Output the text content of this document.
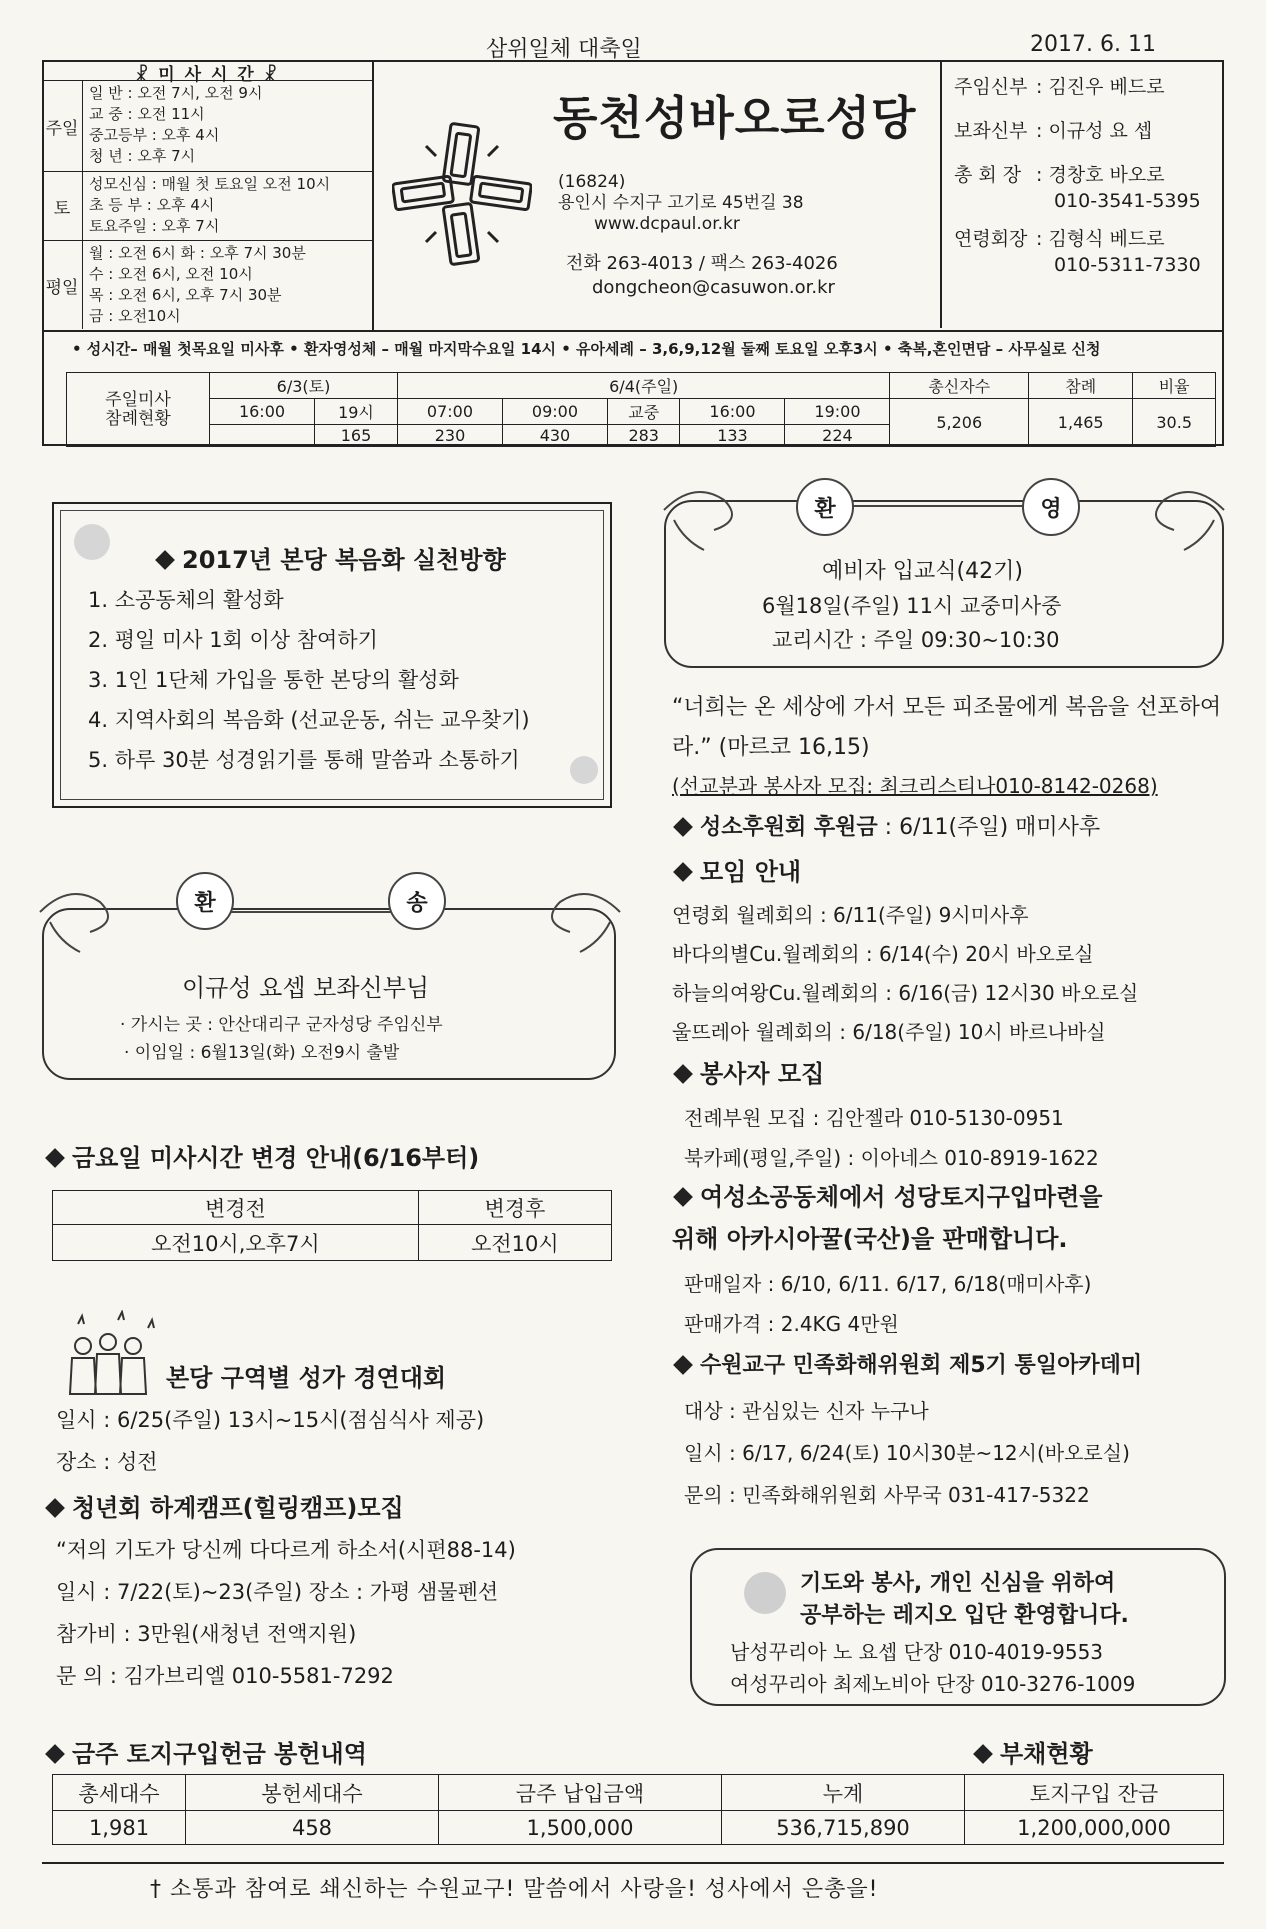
삼위일체 대축일	2017. 6. 11
☧ 미 사 시 간 ☧
주일
일 반 : 오전 7시, 오전 9시
교 중 : 오전 11시
중고등부 : 오후 4시
청 년 : 오후 7시
토
성모신심 : 매월 첫 토요일 오전 10시
초 등 부 : 오후 4시
토요주일 : 오후 7시
평일
월 : 오전 6시 화 : 오후 7시 30분
수 : 오전 6시, 오전 10시
목 : 오전 6시, 오후 7시 30분
금 : 오전10시
동천성바오로성당
(16824)
용인시 수지구 고기로 45번길 38
www.dcpaul.or.kr
전화 263-4013 / 팩스 263-4026
dongcheon@casuwon.or.kr
주임신부 : 김진우 베드로
보좌신부 : 이규성 요 셉
총 회 장 : 경창호 바오로
010-3541-5395
연령회장 : 김형식 베드로
010-5311-7330
• 성시간– 매월 첫목요일 미사후 • 환자영성체 – 매월 마지막수요일 14시 • 유아세례 – 3,6,9,12월 둘째 토요일 오후3시 • 축복,혼인면담 – 사무실로 신청
주일미사
참례현황	6/3(토)		6/4(주일)					총신자수	참례	비율
	16:00	19시	07:00	09:00	교중	16:00	19:00	5,206	1,465	30.5
		165	230	430	283	133	224			
2017년 본당 복음화 실천방향
1. 소공동체의 활성화
2. 평일 미사 1회 이상 참여하기
3. 1인 1단체 가입을 통한 본당의 활성화
4. 지역사회의 복음화 (선교운동, 쉬는 교우찾기)
5. 하루 30분 성경읽기를 통해 말씀과 소통하기
환	송
이규성 요셉 보좌신부님
· 가시는 곳 : 안산대리구 군자성당 주임신부
· 이임일 : 6월13일(화) 오전9시 출발
금요일 미사시간 변경 안내(6/16부터)
변경전	변경후
오전10시,오후7시	오전10시
본당 구역별 성가 경연대회
일시 : 6/25(주일) 13시~15시(점심식사 제공)
장소 : 성전
청년회 하계캠프(힐링캠프)모집
“저의 기도가 당신께 다다르게 하소서(시편88-14)
일시 : 7/22(토)~23(주일) 장소 : 가평 샘물펜션
참가비 : 3만원(새청년 전액지원)
문 의 : 김가브리엘 010-5581-7292
환	영
예비자 입교식(42기)
6월18일(주일) 11시 교중미사중
교리시간 : 주일 09:30~10:30
“너희는 온 세상에 가서 모든 피조물에게 복음을 선포하여라.” (마르코 16,15)
(선교분과 봉사자 모집: 최크리스티나010-8142-0268)
성소후원회 후원금 : 6/11(주일) 매미사후
모임 안내
연령회 월례회의 : 6/11(주일) 9시미사후
바다의별Cu.월례회의 : 6/14(수) 20시 바오로실
하늘의여왕Cu.월례회의 : 6/16(금) 12시30 바오로실
울뜨레아 월례회의 : 6/18(주일) 10시 바르나바실
봉사자 모집
전례부원 모집 : 김안젤라 010-5130-0951
북카페(평일,주일) : 이아네스 010-8919-1622
여성소공동체에서 성당토지구입마련을
위해 아카시아꿀(국산)을 판매합니다.
판매일자 : 6/10, 6/11. 6/17, 6/18(매미사후)
판매가격 : 2.4KG 4만원
수원교구 민족화해위원회 제5기 통일아카데미
대상 : 관심있는 신자 누구나
일시 : 6/17, 6/24(토) 10시30분~12시(바오로실)
문의 : 민족화해위원회 사무국 031-417-5322
기도와 봉사, 개인 신심을 위하여
공부하는 레지오 입단 환영합니다.
남성꾸리아 노 요셉 단장 010-4019-9553
여성꾸리아 최제노비아 단장 010-3276-1009
금주 토지구입헌금 봉헌내역	부채현황
총세대수	봉헌세대수	금주 납입금액	누계	토지구입 잔금
1,981	458	1,500,000	536,715,890	1,200,000,000
† 소통과 참여로 쇄신하는 수원교구! 말씀에서 사랑을! 성사에서 은총을!
